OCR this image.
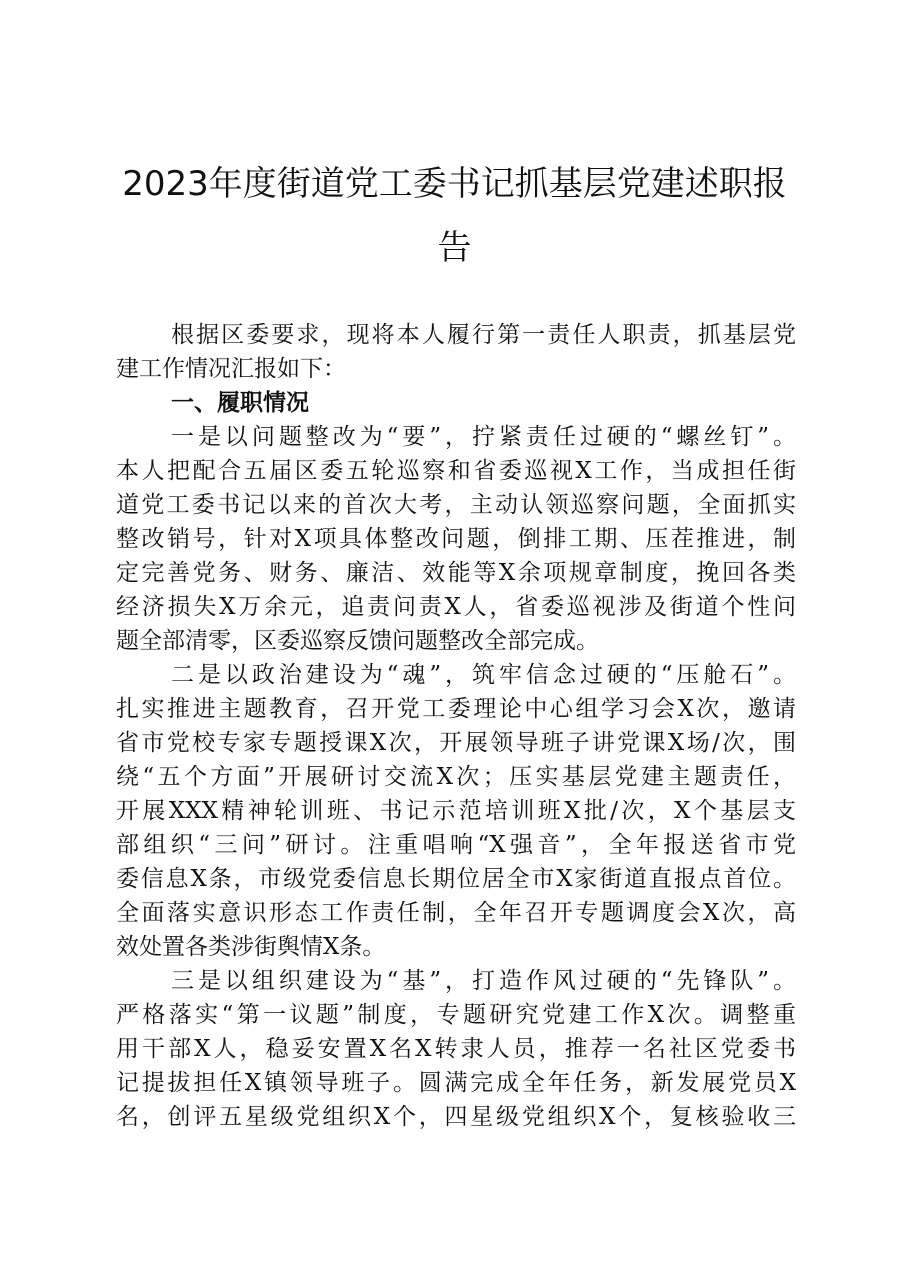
2023年度街道党工委书记抓基层党建述职报
告
根据区委要求，现将本人履行第一责任人职责，抓基层党
建工作情况汇报如下：
一、履职情况
一是以问题整改为“要”，拧紧责任过硬的“螺丝钉”。
本人把配合五届区委五轮巡察和省委巡视X工作，当成担任街
道党工委书记以来的首次大考，主动认领巡察问题，全面抓实
整改销号，针对X项具体整改问题，倒排工期、压茬推进，制
定完善党务、财务、廉洁、效能等X余项规章制度，挽回各类
经济损失X万余元，追责问责X人，省委巡视涉及街道个性问
题全部清零，区委巡察反馈问题整改全部完成。
二是以政治建设为“魂”，筑牢信念过硬的“压舱石”。
扎实推进主题教育，召开党工委理论中心组学习会X次，邀请
省市党校专家专题授课X次，开展领导班子讲党课X场/次，围
绕“五个方面”开展研讨交流X次；压实基层党建主题责任，
开展XXX精神轮训班、书记示范培训班X批/次，X个基层支
部组织“三问”研讨。注重唱响“X强音”，全年报送省市党
委信息X条，市级党委信息长期位居全市X家街道直报点首位。
全面落实意识形态工作责任制，全年召开专题调度会X次，高
效处置各类涉街舆情X条。
三是以组织建设为“基”，打造作风过硬的“先锋队”。
严格落实“第一议题”制度，专题研究党建工作X次。调整重
用干部X人，稳妥安置X名X转隶人员，推荐一名社区党委书
记提拔担任X镇领导班子。圆满完成全年任务，新发展党员X
名，创评五星级党组织X个，四星级党组织X个，复核验收三
